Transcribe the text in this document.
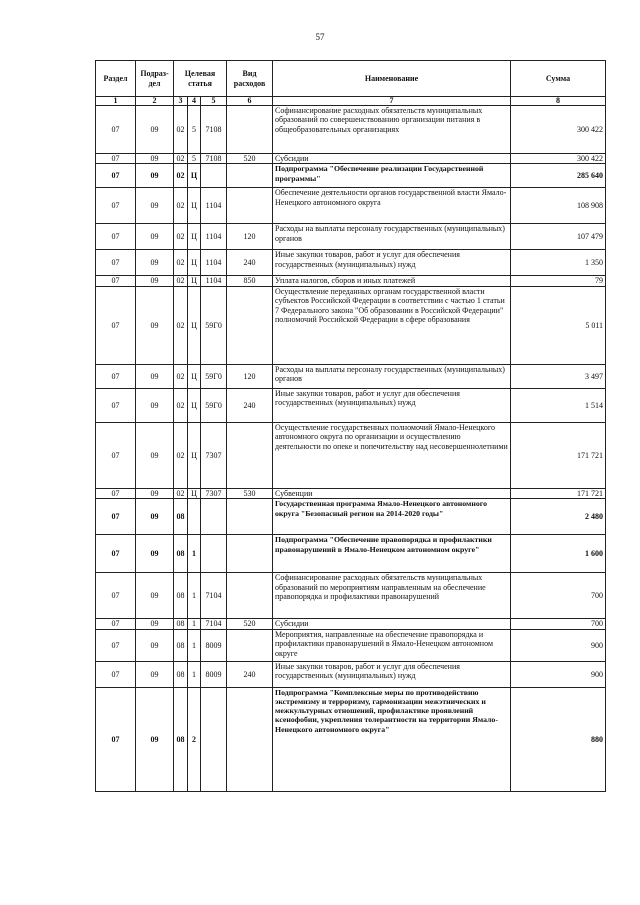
57
Раздел	Подраз- дел	Целевая статья			Вид расходов	Наименование	Сумма
1	2	3	4	5	6	7	8
07	09	02	5	7108		Софинансирование расходных обязательств муниципальных образований по совершенствованию организации питания в общеобразовательных организациях	300 422
07	09	02	5	7108	520	Субсидии	300 422
07	09	02	Ц			Подпрограмма "Обеспечение реализации Государственной программы"	285 640
07	09	02	Ц	1104		Обеспечение деятельности органов государственной власти Ямало-Ненецкого автономного округа	108 908
07	09	02	Ц	1104	120	Расходы на выплаты персоналу государственных (муниципальных) органов	107 479
07	09	02	Ц	1104	240	Иные закупки товаров, работ и услуг для обеспечения государственных (муниципальных) нужд	1 350
07	09	02	Ц	1104	850	Уплата налогов, сборов и иных платежей	79
07	09	02	Ц	59Г0		Осуществление переданных органам государственной власти субъектов Российской Федерации в соответствии с частью 1 статьи 7 Федерального закона "Об образовании в Российской Федерации" полномочий Российской Федерации в сфере образования	5 011
07	09	02	Ц	59Г0	120	Расходы на выплаты персоналу государственных (муниципальных) органов	3 497
07	09	02	Ц	59Г0	240	Иные закупки товаров, работ и услуг для обеспечения государственных (муниципальных) нужд	1 514
07	09	02	Ц	7307		Осуществление государственных полномочий Ямало-Ненецкого автономного округа по организации и осуществлению деятельности по опеке и попечительству над несовершеннолетними	171 721
07	09	02	Ц	7307	530	Субвенции	171 721
07	09	08				Государственная программа Ямало-Ненецкого автономного округа "Безопасный регион на 2014-2020 годы"	2 480
07	09	08	1			Подпрограмма "Обеспечение правопорядка и профилактики правонарушений в Ямало-Ненецком автономном округе"	1 600
07	09	08	1	7104		Софинансирование расходных обязательств муниципальных образований по мероприятиям направленным на обеспечение правопорядка и профилактики правонарушений	700
07	09	08	1	7104	520	Субсидии	700
07	09	08	1	8009		Мероприятия, направленные на обеспечение правопорядка и профилактики правонарушений в Ямало-Ненецком автономном округе	900
07	09	08	1	8009	240	Иные закупки товаров, работ и услуг для обеспечения государственных (муниципальных) нужд	900
07	09	08	2			Подпрограмма "Комплексные меры по противодействию экстремизму и терроризму, гармонизации межэтнических и межкультурных отношений, профилактике проявлений ксенофобии, укрепления толерантности на территории Ямало-Ненецкого автономного округа"	880
